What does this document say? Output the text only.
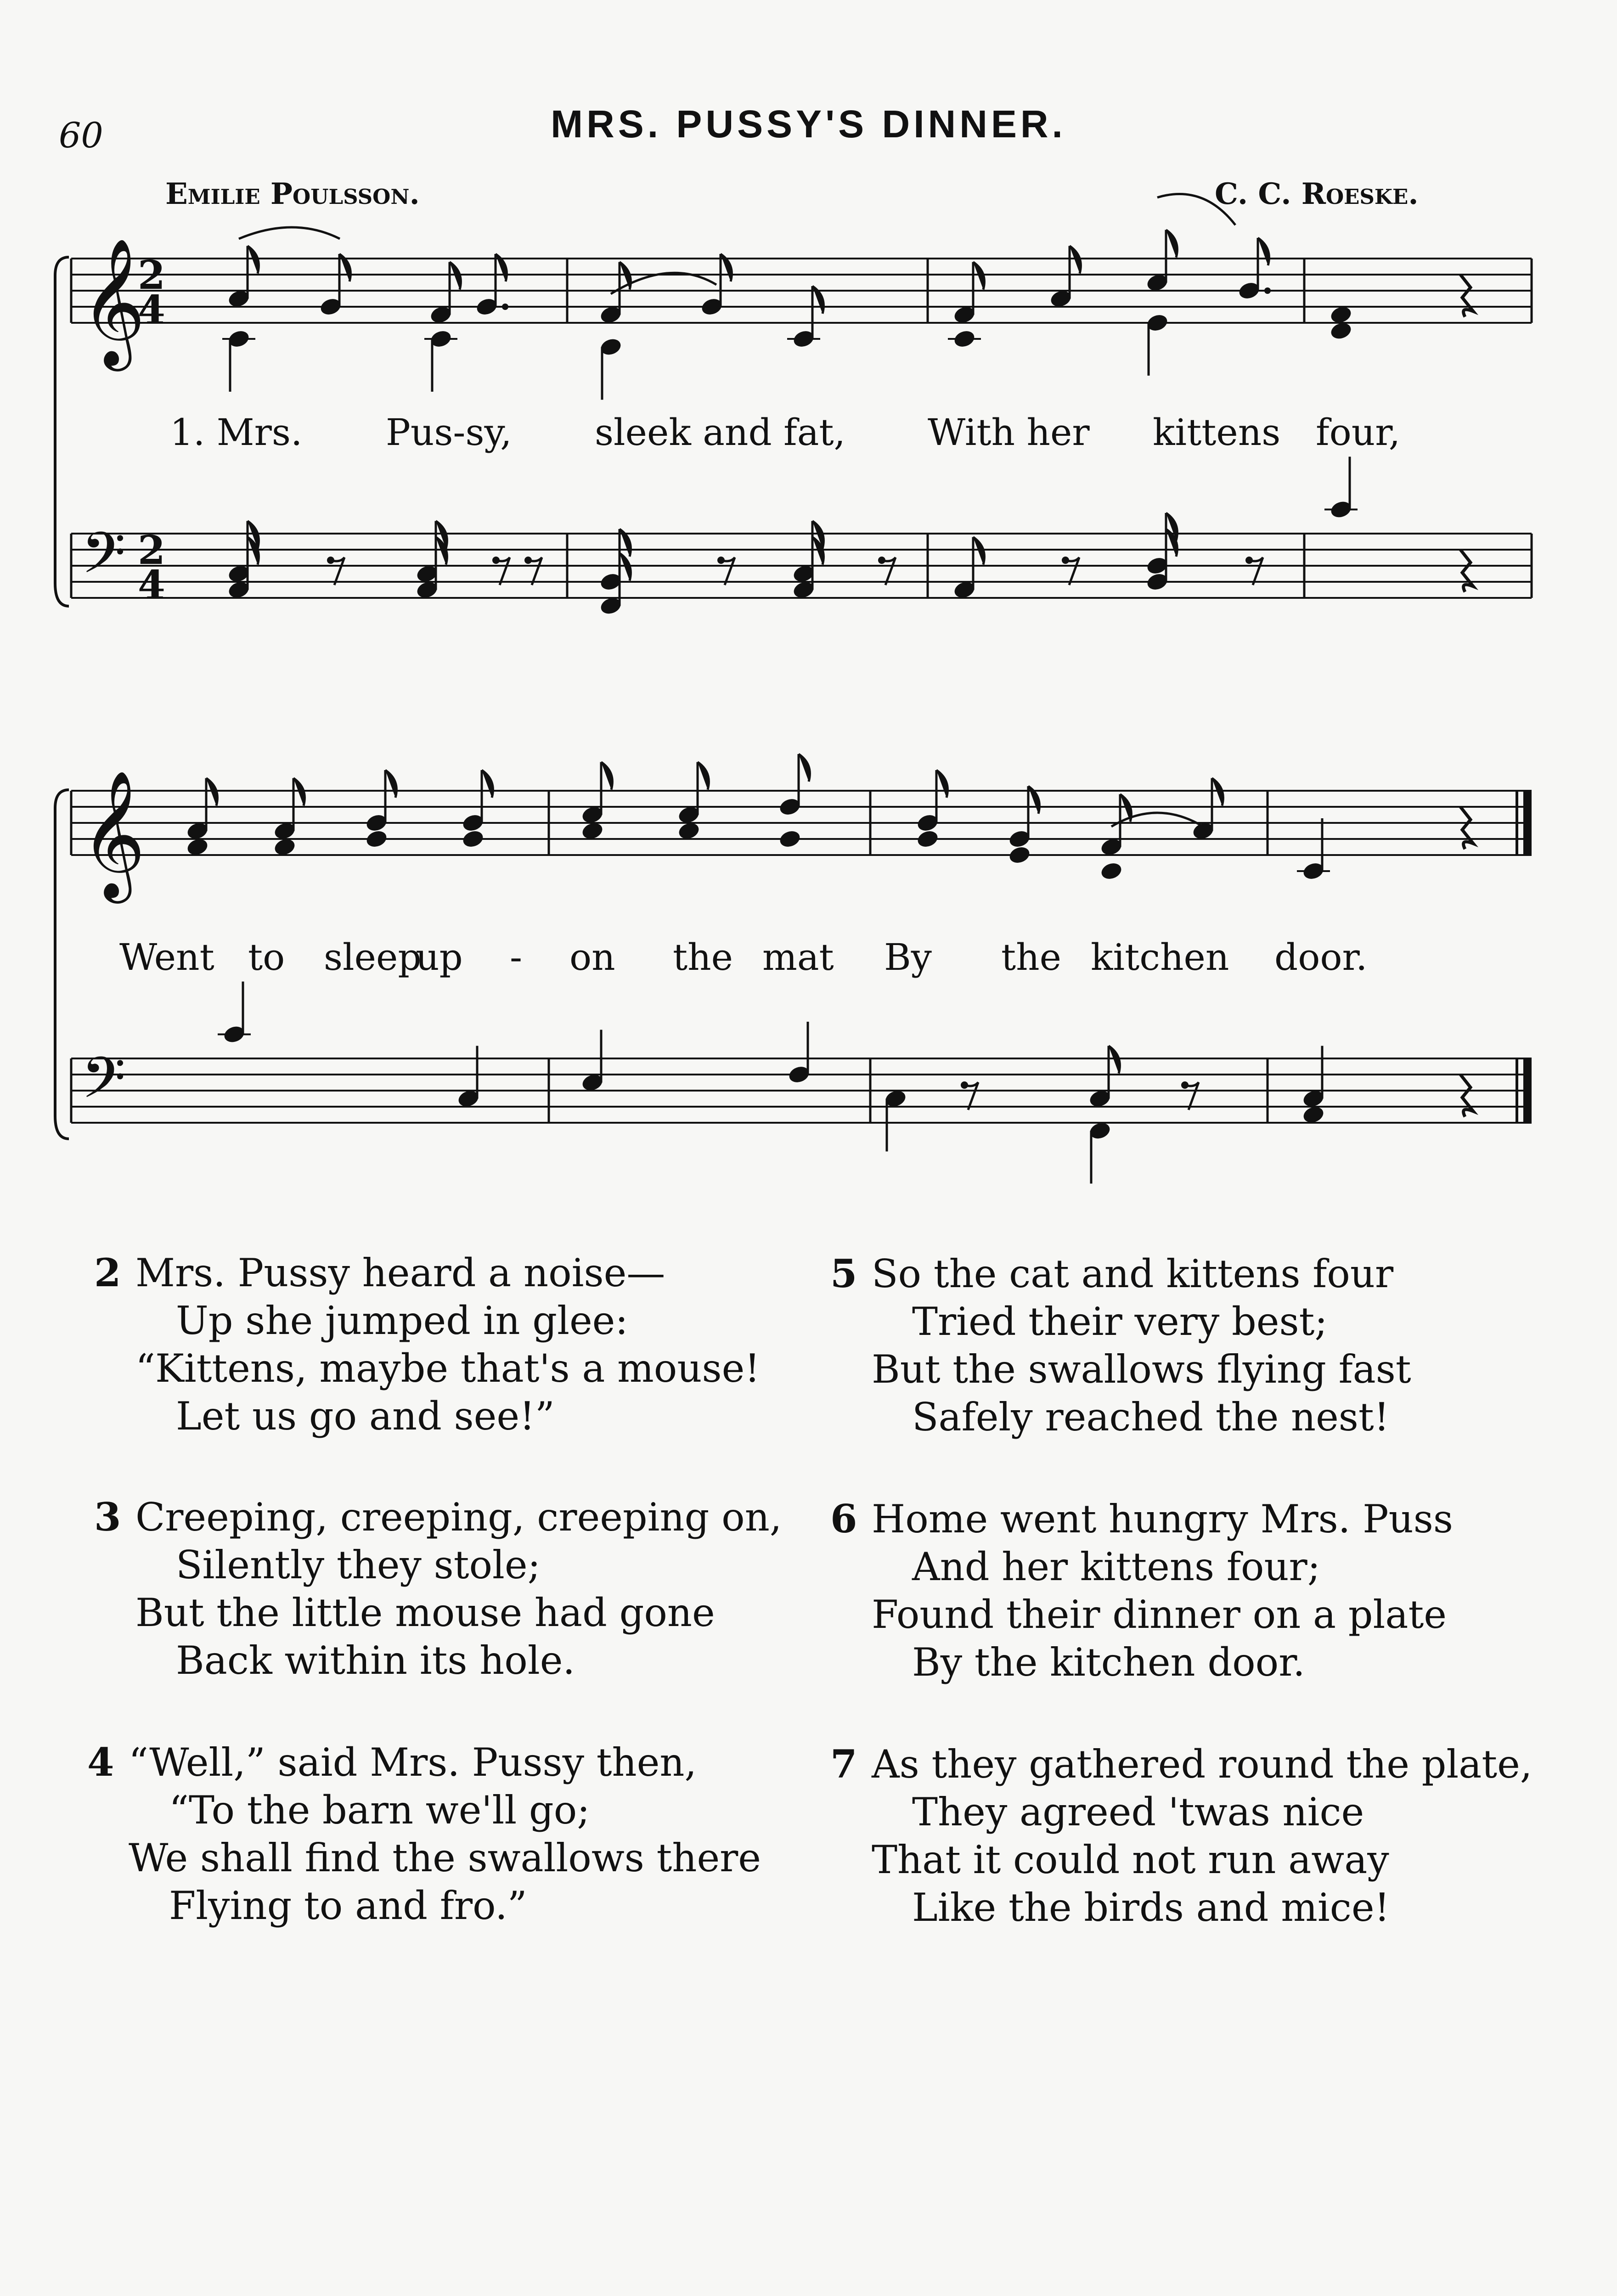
60	MRS. PUSSY'S DINNER.
Emilie Poulsson.	C. C. Roeske.
𝄞
2
4
𝄢 2
4
𝄞
𝄢
1. Mrs. Pus-sy, sleek and fat, With her kittens four,
Went to sleep
up - on the mat By the kitchen door.
2 Mrs. Pussy heard a noise—
Up she jumped in glee:
“Kittens, maybe that's a mouse!
Let us go and see!”
3 Creeping, creeping, creeping on,
Silently they stole;
But the little mouse had gone
Back within its hole.
4 “Well,” said Mrs. Pussy then,
“To the barn we'll go;
We shall find the swallows there
Flying to and fro.”
5 So the cat and kittens four
Tried their very best;
But the swallows flying fast
Safely reached the nest!
6 Home went hungry Mrs. Puss
And her kittens four;
Found their dinner on a plate
By the kitchen door.
7 As they gathered round the plate,
They agreed 'twas nice
That it could not run away
Like the birds and mice!
